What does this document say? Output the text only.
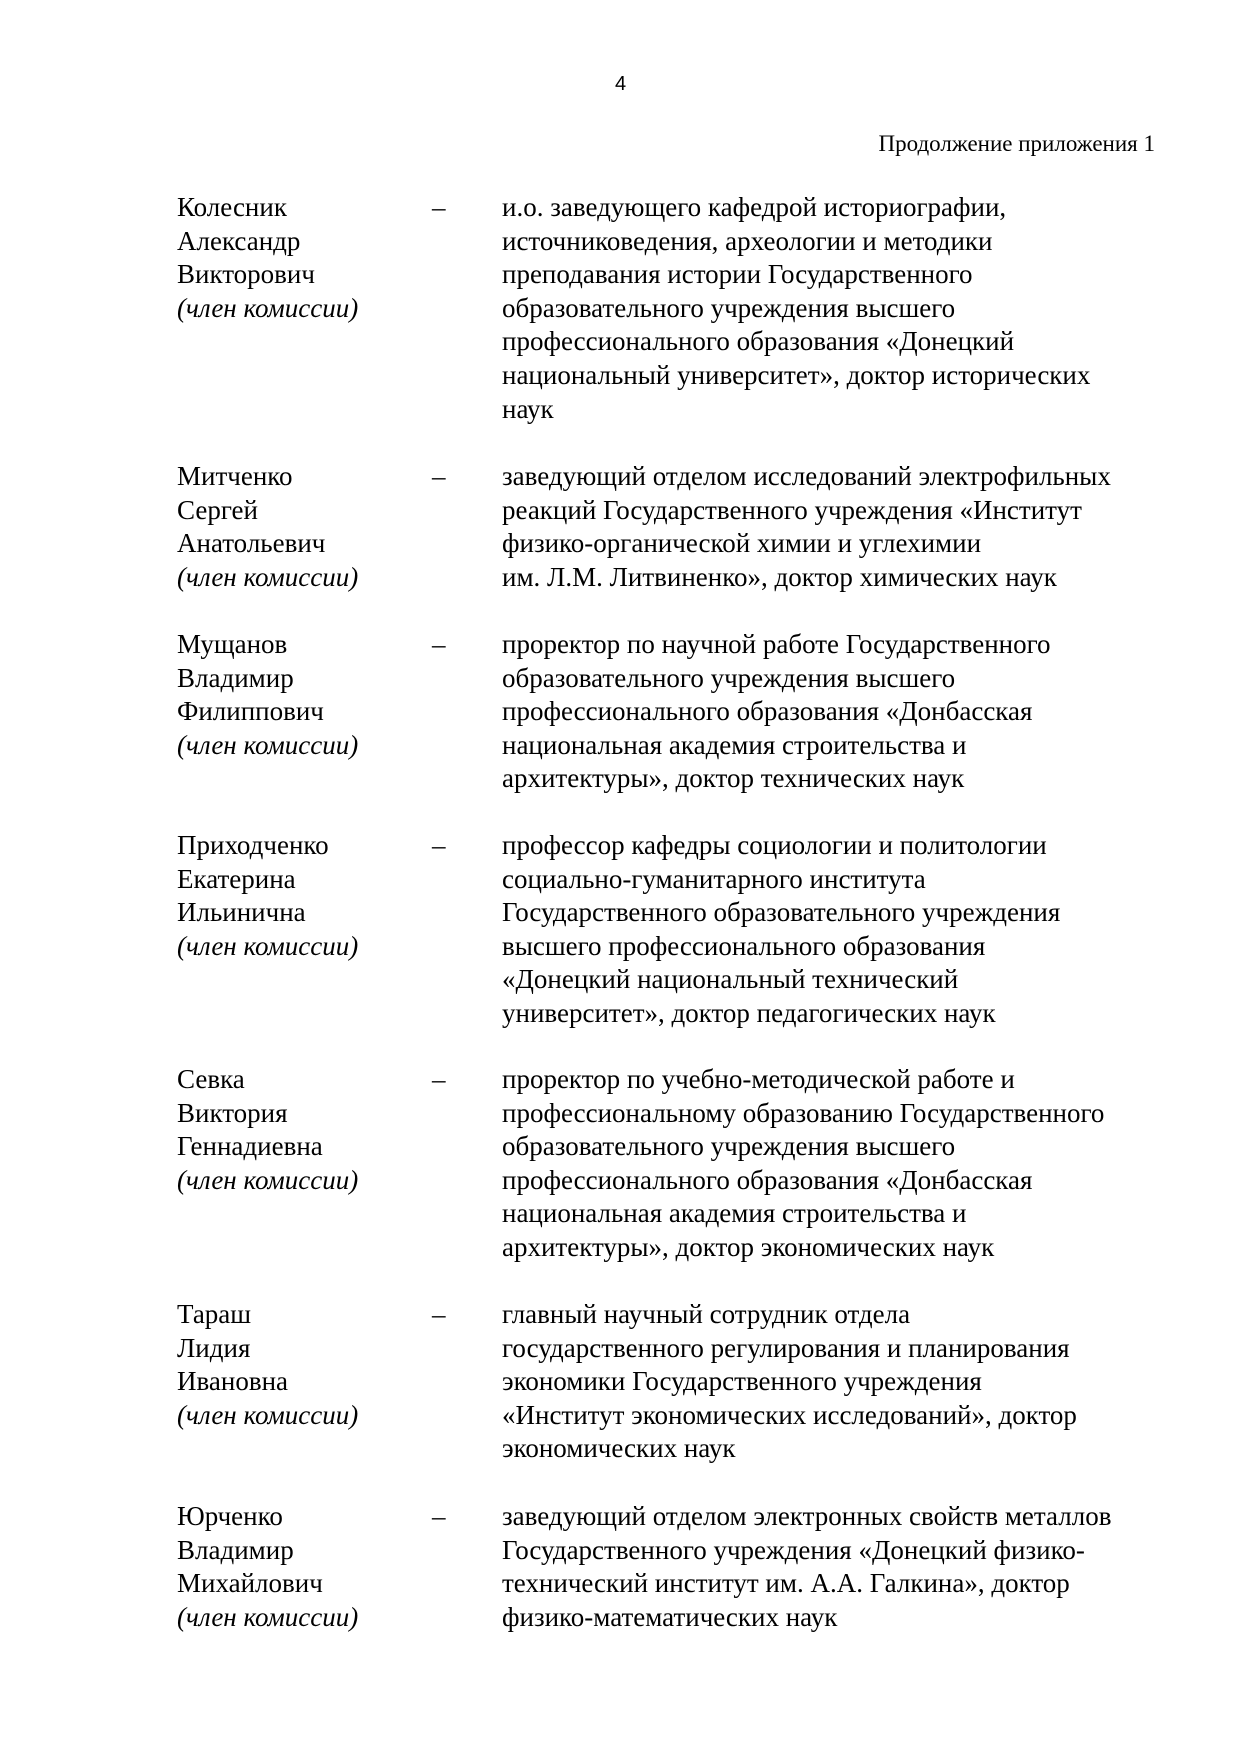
4
Продолжение приложения 1
Колесник
Александр
Викторович
(член комиссии)
–	и.о. заведующего кафедрой историографии,
источниковедения, археологии и методики
преподавания истории Государственного
образовательного учреждения высшего
профессионального образования «Донецкий
национальный университет», доктор исторических
наук
Митченко
Сергей
Анатольевич
(член комиссии)
–	заведующий отделом исследований электрофильных
реакций Государственного учреждения «Институт
физико-органической химии и углехимии
им. Л.М. Литвиненко», доктор химических наук
Мущанов
Владимир
Филиппович
(член комиссии)
–	проректор по научной работе Государственного
образовательного учреждения высшего
профессионального образования «Донбасская
национальная академия строительства и
архитектуры», доктор технических наук
Приходченко
Екатерина
Ильинична
(член комиссии)
–	профессор кафедры социологии и политологии
социально-гуманитарного института
Государственного образовательного учреждения
высшего профессионального образования
«Донецкий национальный технический
университет», доктор педагогических наук
Севка
Виктория
Геннадиевна
(член комиссии)
–	проректор по учебно-методической работе и
профессиональному образованию Государственного
образовательного учреждения высшего
профессионального образования «Донбасская
национальная академия строительства и
архитектуры», доктор экономических наук
Тараш
Лидия
Ивановна
(член комиссии)
–	главный научный сотрудник отдела
государственного регулирования и планирования
экономики Государственного учреждения
«Институт экономических исследований», доктор
экономических наук
Юрченко
Владимир
Михайлович
(член комиссии)
–	заведующий отделом электронных свойств металлов
Государственного учреждения «Донецкий физико-
технический институт им. А.А. Галкина», доктор
физико-математических наук
